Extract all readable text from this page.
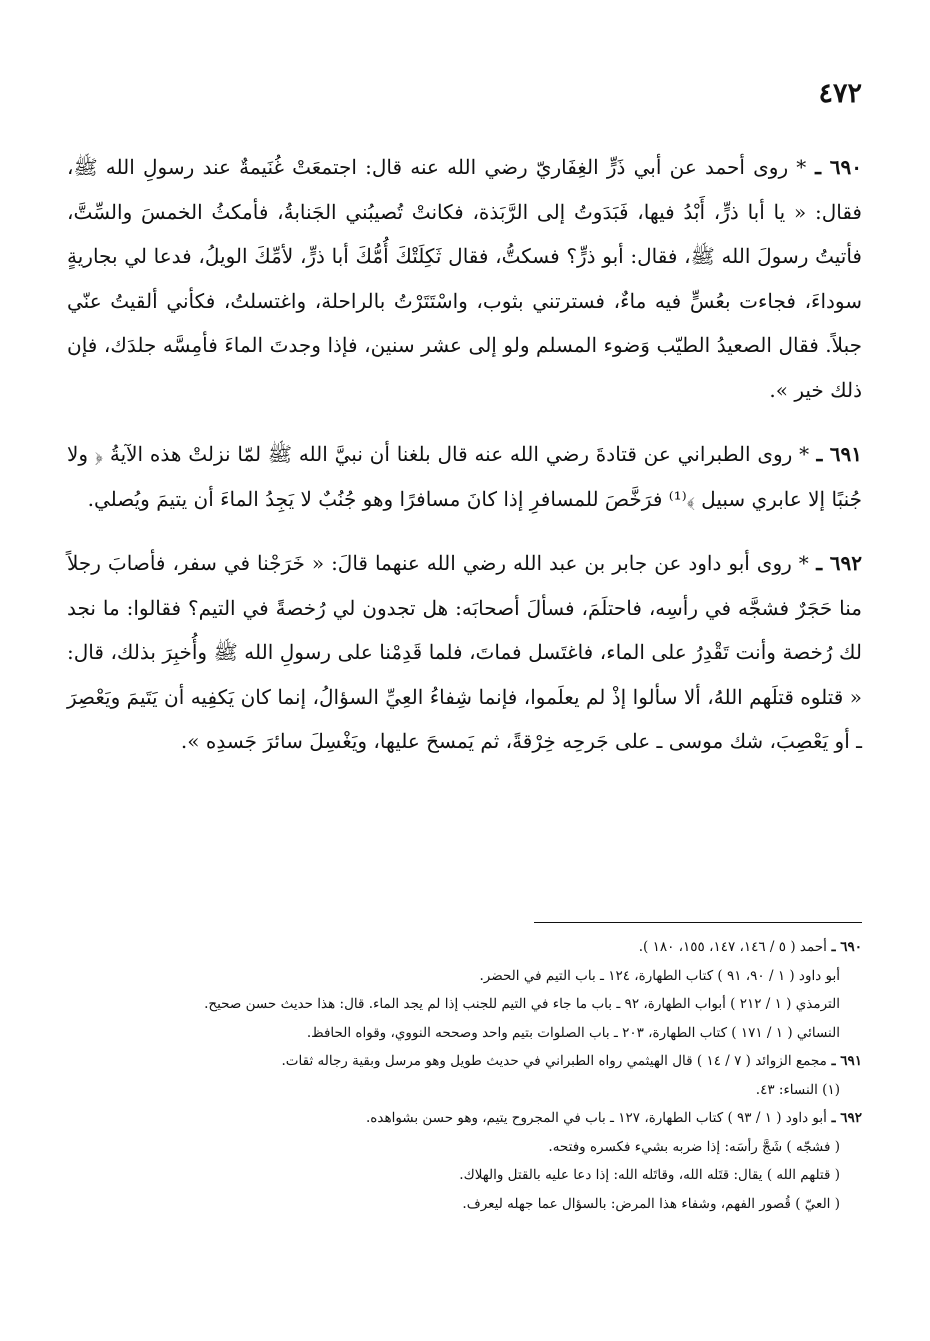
٤٧٢

٦٩٠ ـ * روى أحمد عن أبي ذَرٍّ الغِفَاريّ رضي الله عنه قال: اجتمعَتْ غُنَيمةٌ عند رسولِ الله ﷺ، فقال: « يا أبا ذرٍّ، أَبْدُ فيها، فَبَدَوتُ إلى الرَّبَذة، فكانتْ تُصيبُني الجَنابةُ، فأمكثُ الخمسَ والسِّتَّ، فأتيتُ رسولَ الله ﷺ، فقال: أبو ذرٍّ؟ فسكتُّ، فقال ثَكِلَتْكَ أُمُّكَ أبا ذرٍّ، لأمِّكَ الويلُ، فدعا لي بجاريةٍ سوداءَ، فجاءت بعُسٍّ فيه ماءٌ، فسترتني بثوب، واسْتَتَرْتُ بالراحلة، واغتسلتُ، فكأني ألقيتُ عنّي جبلاً. فقال الصعيدُ الطيّب وَضوء المسلم ولو إلى عشر سنين، فإذا وجدتَ الماءَ فأمِسَّه جلدَك، فإن ذلك خير ».

٦٩١ ـ * روى الطبراني عن قتادةَ رضي الله عنه قال بلغنا أن نبيَّ الله ﷺ لمّا نزلتْ هذه الآيةُ ﴿ ولا جُنبًا إلا عابري سبيل ﴾⁽¹⁾ فرَخَّصَ للمسافرِ إذا كانَ مسافرًا وهو جُنُبٌ لا يَجِدُ الماءَ أن يتيمَ ويُصلي.

٦٩٢ ـ * روى أبو داود عن جابر بن عبد الله رضي الله عنهما قالَ: « خَرَجْنا في سفر، فأصابَ رجلاً منا حَجَرٌ فشجَّه في رأسِه، فاحتلَمَ، فسألَ أصحابَه: هل تجدون لي رُخصةً في التيم؟ فقالوا: ما نجد لك رُخصة وأنت تَقْدِرُ على الماء، فاغتَسل فماتَ، فلما قَدِمْنا على رسولِ الله ﷺ وأُخبِرَ بذلك، قال: « قتلوه قتلَهم اللهُ، ألا سألوا إذْ لم يعلَموا، فإنما شِفاءُ العِيِّ السؤالُ، إنما كان يَكفِيه أن يَتَيمَ ويَعْصِرَ ـ أو يَعْصِبَ، شك موسى ـ على جَرحِه خِرْقةً، ثم يَمسحَ عليها، ويَغْسِلَ سائرَ جَسدِه ».

٦٩٠ ـ أحمد ( ٥ / ١٤٦، ١٤٧، ١٥٥، ١٨٠ ).

أبو داود ( ١ / ٩٠، ٩١ ) كتاب الطهارة، ١٢٤ ـ باب التيم في الحضر.

الترمذي ( ١ / ٢١٢ ) أبواب الطهارة، ٩٢ ـ باب ما جاء في التيم للجنب إذا لم يجد الماء. قال: هذا حديث حسن صحيح.

النسائي ( ١ / ١٧١ ) كتاب الطهارة، ٢٠٣ ـ باب الصلوات بتيم واحد وصححه النووي، وقواه الحافظ.

٦٩١ ـ مجمع الزوائد ( ٧ / ١٤ ) قال الهيثمي رواه الطبراني في حديث طويل وهو مرسل وبقية رجاله ثقات.

(١) النساء: ٤٣.

٦٩٢ ـ أبو داود ( ١ / ٩٣ ) كتاب الطهارة، ١٢٧ ـ باب في المجروح يتيم، وهو حسن بشواهده.

( فشجّه ) شَجَّ رأسَه: إذا ضربه بشيء فكسره وفتحه.

( قتلهم الله ) يقال: قتَله الله، وقاتَله الله: إذا دعا عليه بالقتل والهلاك.

( العيّ ) قُصور الفهم، وشفاء هذا المرض: بالسؤال عما جهله ليعرف.
